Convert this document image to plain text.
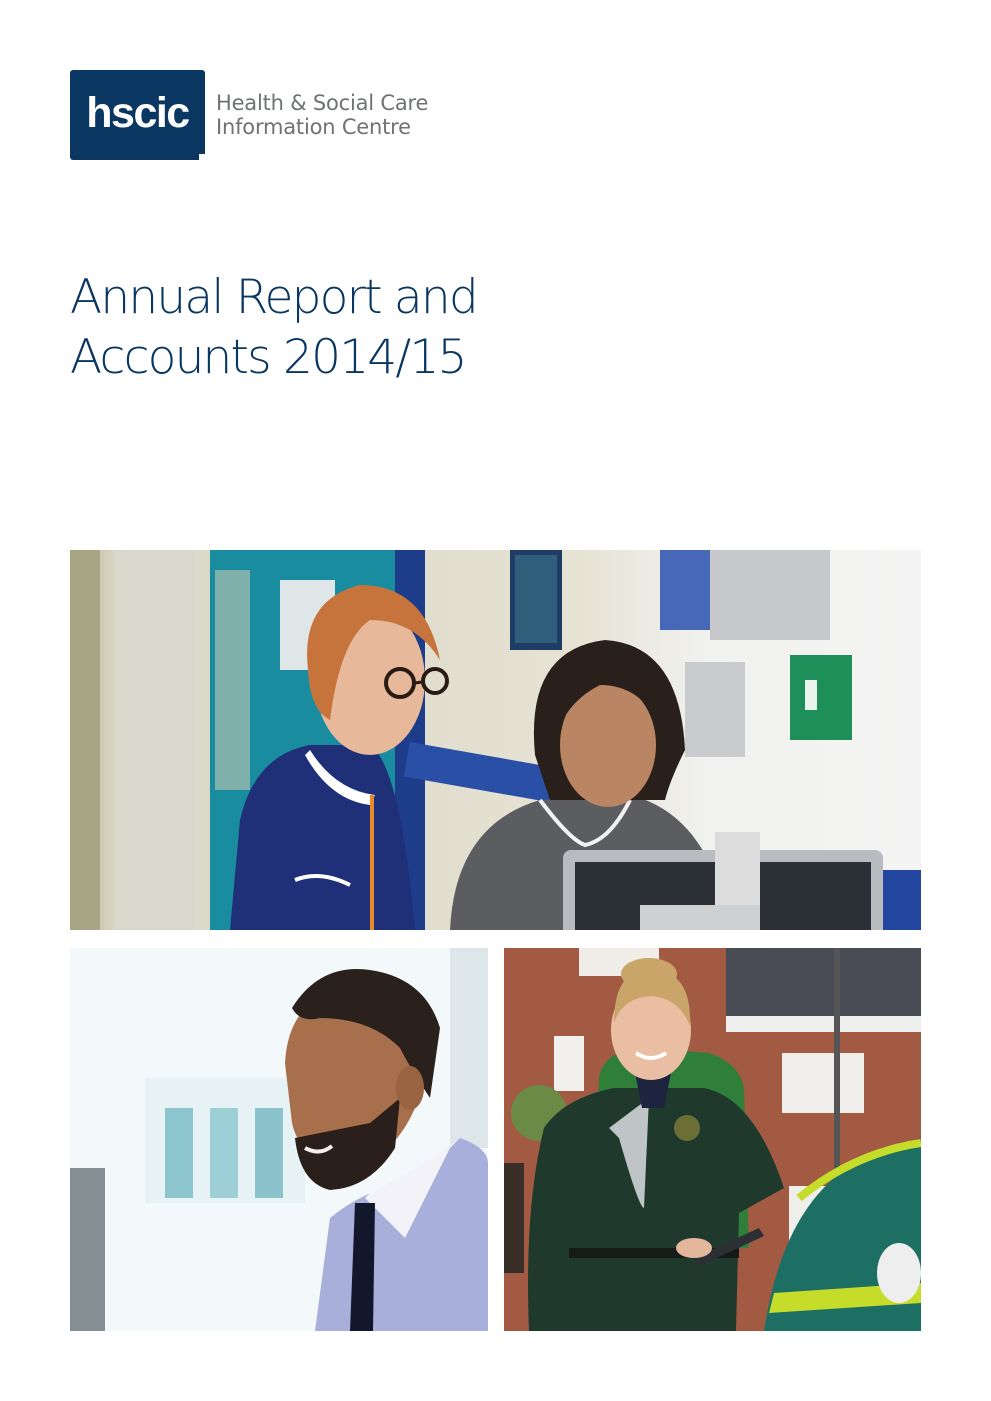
hscic Health & Social Care
Information Centre
Annual Report and
Accounts 2014/15
